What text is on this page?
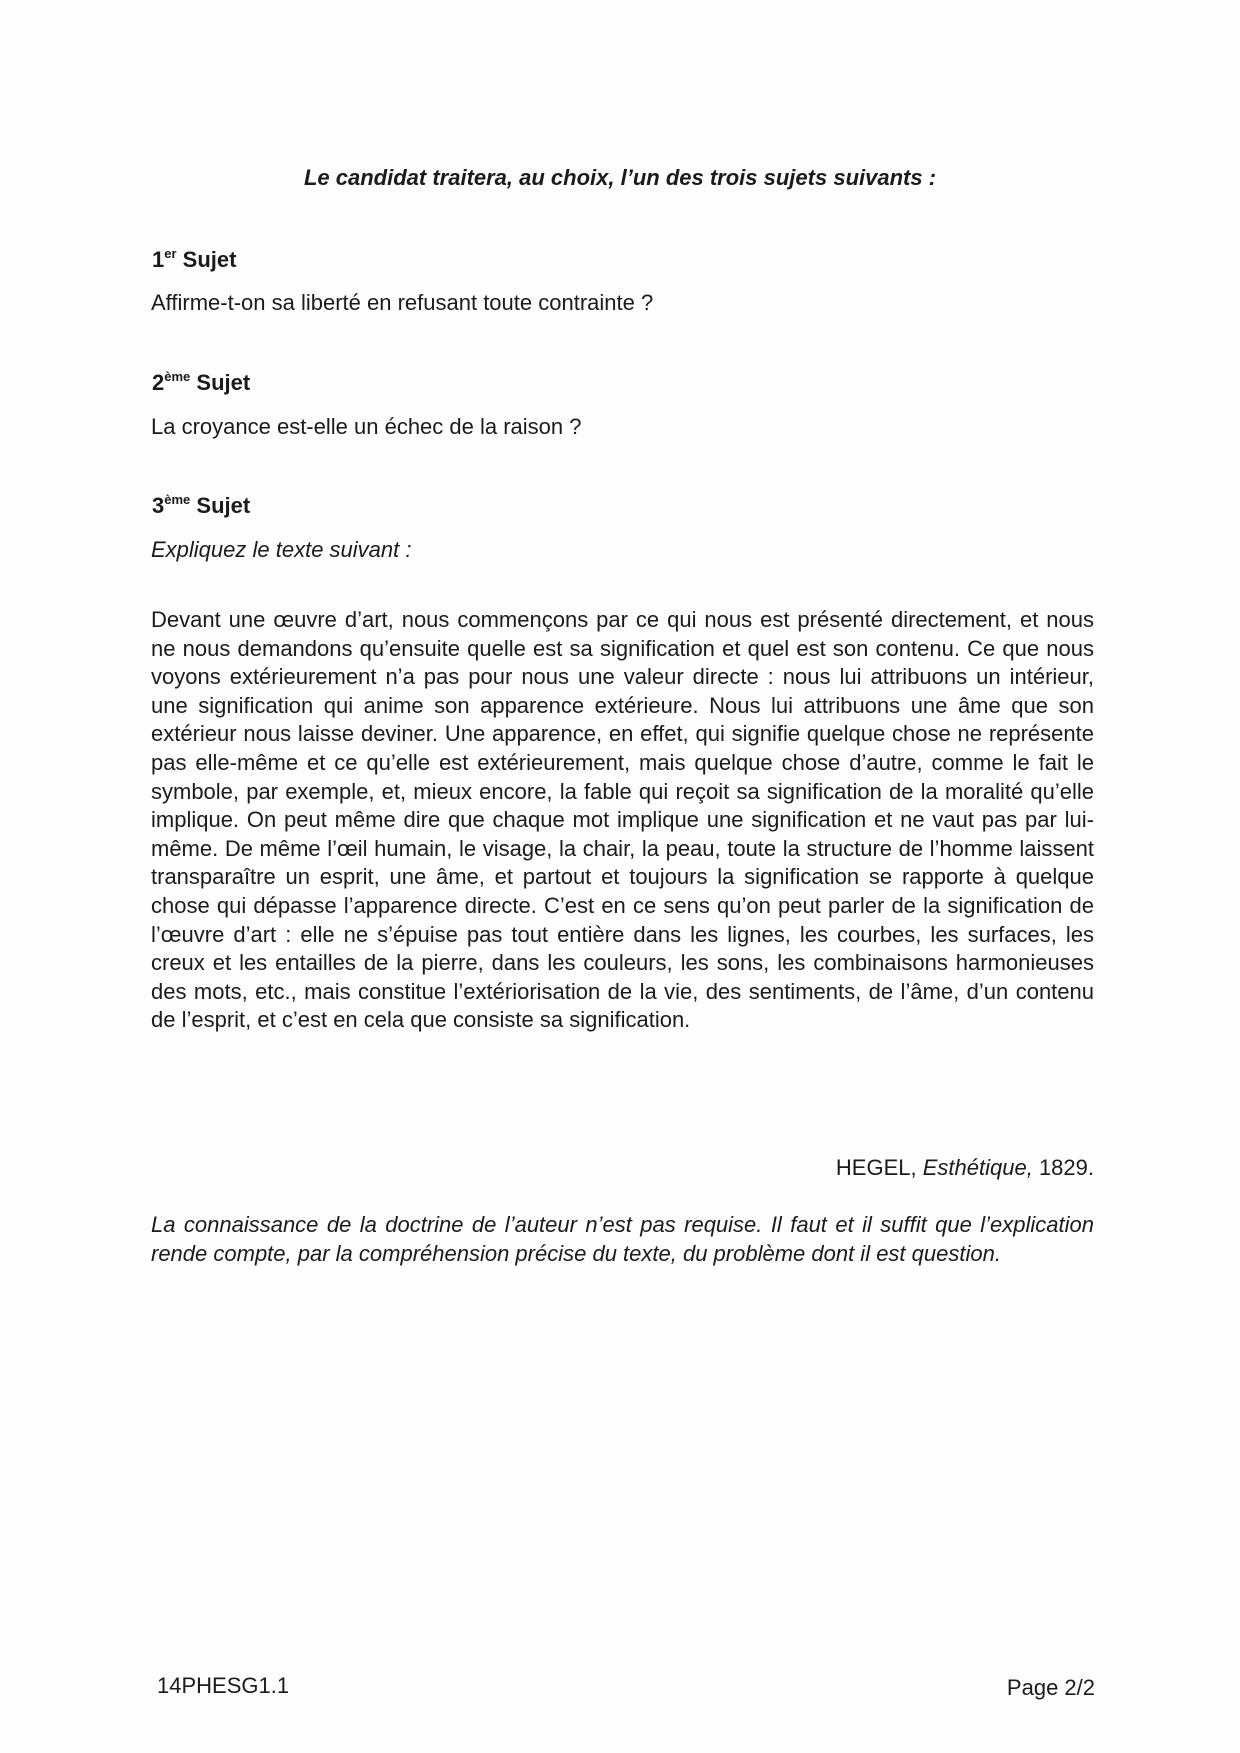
Le candidat traitera, au choix, l’un des trois sujets suivants :
1er Sujet
Affirme-t-on sa liberté en refusant toute contrainte ?
2ème Sujet
La croyance est-elle un échec de la raison ?
3ème Sujet
Expliquez le texte suivant :

Devant une œuvre d’art, nous commençons par ce qui nous est présenté directement, et nous ne nous demandons qu’ensuite quelle est sa signification et quel est son contenu. Ce que nous voyons extérieurement n’a pas pour nous une valeur directe : nous lui attribuons un intérieur, une signification qui anime son apparence extérieure. Nous lui attribuons une âme que son extérieur nous laisse deviner. Une apparence, en effet, qui signifie quelque chose ne représente pas elle-même et ce qu’elle est extérieurement, mais quelque chose d’autre, comme le fait le symbole, par exemple, et, mieux encore, la fable qui reçoit sa signification de la moralité qu’elle implique. On peut même dire que chaque mot implique une signification et ne vaut pas par lui-même. De même l’œil humain, le visage, la chair, la peau, toute la structure de l’homme laissent transparaître un esprit, une âme, et partout et toujours la signification se rapporte à quelque chose qui dépasse l’apparence directe. C’est en ce sens qu’on peut parler de la signification de l’œuvre d’art : elle ne s’épuise pas tout entière dans les lignes, les courbes, les surfaces, les creux et les entailles de la pierre, dans les couleurs, les sons, les combinaisons harmonieuses des mots, etc., mais constitue l’extériorisation de la vie, des sentiments, de l’âme, d’un contenu de l’esprit, et c’est en cela que consiste sa signification.

HEGEL, Esthétique, 1829.

La connaissance de la doctrine de l’auteur n’est pas requise. Il faut et il suffit que l’explication rende compte, par la compréhension précise du texte, du problème dont il est question.

14PHESG1.1	Page 2/2
